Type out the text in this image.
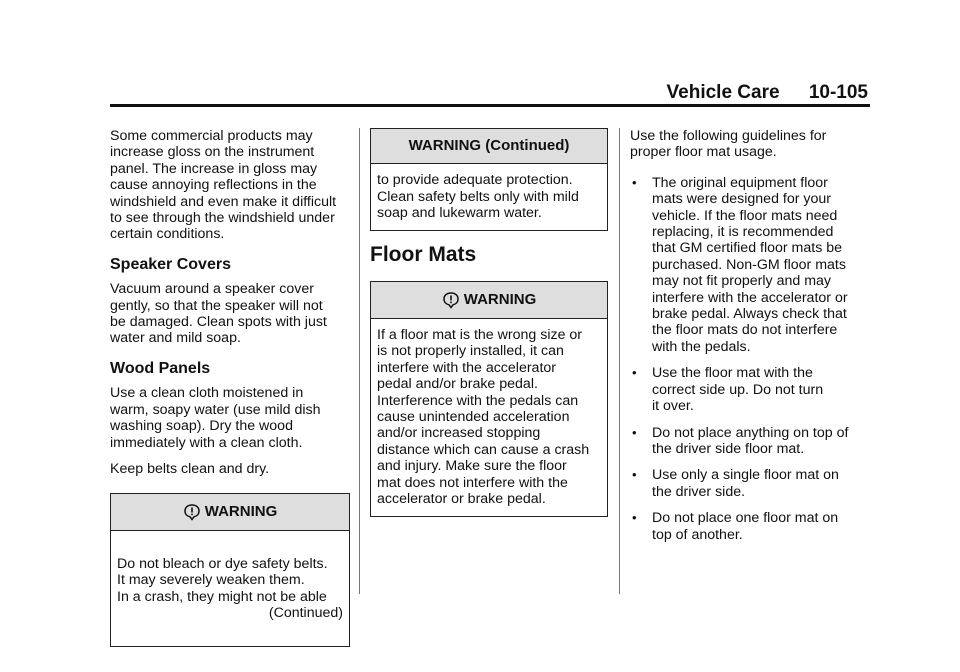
Vehicle Care 10-105

Some commercial products may
increase gloss on the instrument
panel. The increase in gloss may
cause annoying reflections in the
windshield and even make it difficult
to see through the windshield under
certain conditions.

Speaker Covers

Vacuum around a speaker cover
gently, so that the speaker will not
be damaged. Clean spots with just
water and mild soap.

Wood Panels

Use a clean cloth moistened in
warm, soapy water (use mild dish
washing soap). Dry the wood
immediately with a clean cloth.

Keep belts clean and dry.

WARNING

Do not bleach or dye safety belts.
It may severely weaken them.
In a crash, they might not be able

(Continued)

WARNING (Continued)
to provide adequate protection.
Clean safety belts only with mild
soap and lukewarm water.
Floor Mats
WARNING
If a floor mat is the wrong size or
is not properly installed, it can
interfere with the accelerator
pedal and/or brake pedal.
Interference with the pedals can
cause unintended acceleration
and/or increased stopping
distance which can cause a crash
and injury. Make sure the floor
mat does not interfere with the
accelerator or brake pedal.

Use the following guidelines for
proper floor mat usage.

• The original equipment floor
mats were designed for your
vehicle. If the floor mats need
replacing, it is recommended
that GM certified floor mats be
purchased. Non-GM floor mats
may not fit properly and may
interfere with the accelerator or
brake pedal. Always check that
the floor mats do not interfere
with the pedals.
• Use the floor mat with the
correct side up. Do not turn
it over.
• Do not place anything on top of
the driver side floor mat.
• Use only a single floor mat on
the driver side.
• Do not place one floor mat on
top of another.
